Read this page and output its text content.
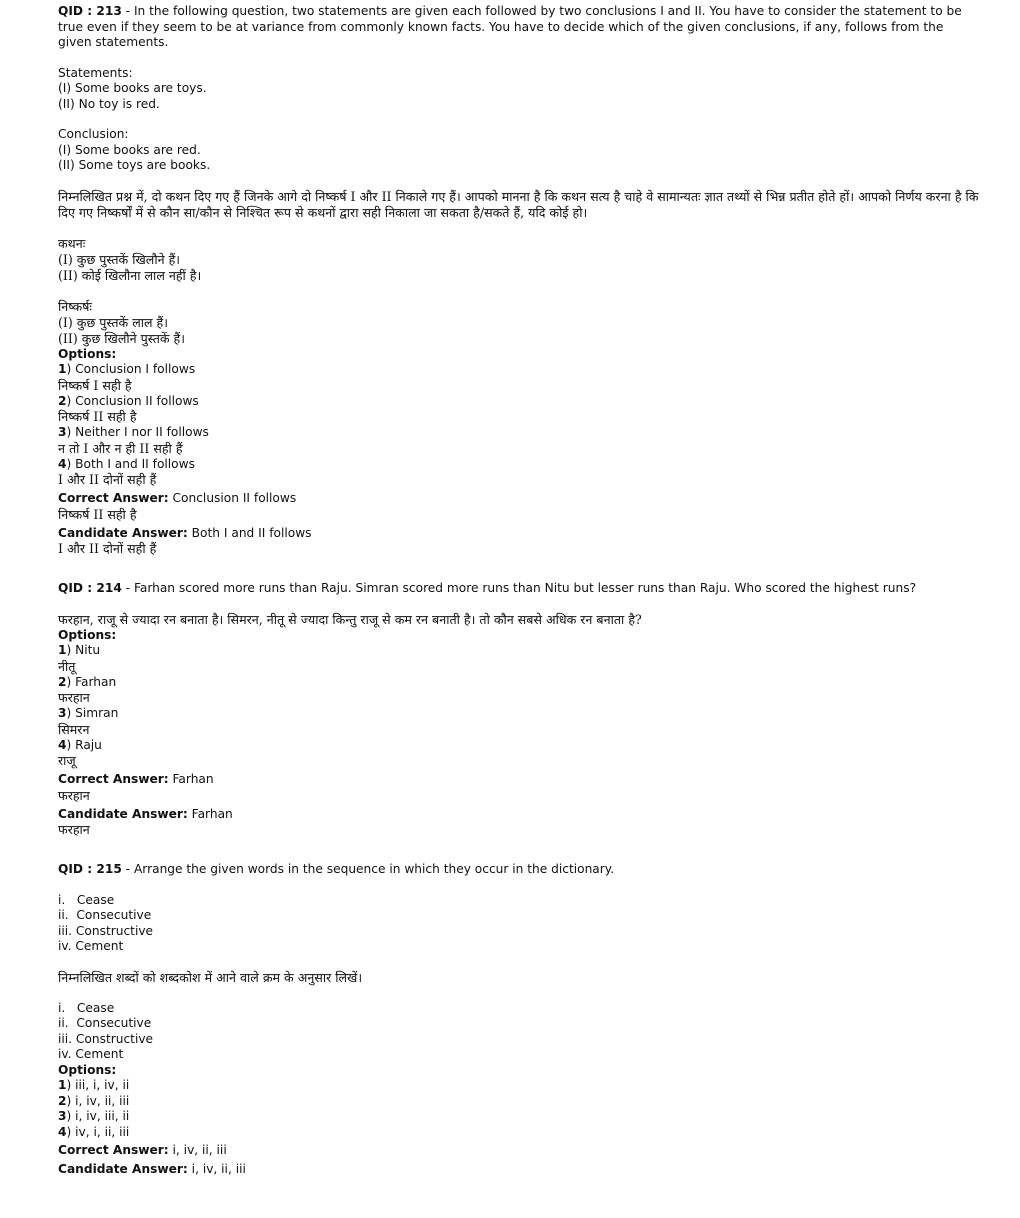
QID : 213 - In the following question, two statements are given each followed by two conclusions I and II. You have to consider the statement to be true even if they seem to be at variance from commonly known facts. You have to decide which of the given conclusions, if any, follows from the given statements.

Statements:
(I) Some books are toys.
(II) No toy is red.
Conclusion:
(I) Some books are red.
(II) Some toys are books.

निम्नलिखित प्रश्न में, दो कथन दिए गए हैं जिनके आगे दो निष्कर्ष I और II निकाले गए हैं। आपको मानना है कि कथन सत्य है चाहे वे सामान्यतः ज्ञात तथ्यों से भिन्न प्रतीत होते हों। आपको निर्णय करना है कि दिए गए निष्कर्षों में से कौन सा/कौन से निश्चित रूप से कथनों द्वारा सही निकाला जा सकता है/सकते हैं, यदि कोई हो।

कथनः
(I) कुछ पुस्तकें खिलौने हैं।
(II) कोई खिलौना लाल नहीं है।
निष्कर्षः
(I) कुछ पुस्तकें लाल हैं।
(II) कुछ खिलौने पुस्तकें हैं।
Options:
1) Conclusion I follows
निष्कर्ष I सही है
2) Conclusion II follows
निष्कर्ष II सही है
3) Neither I nor II follows
न तो I और न ही II सही हैं
4) Both I and II follows
I और II दोनों सही हैं
Correct Answer: Conclusion II follows
निष्कर्ष II सही है
Candidate Answer: Both I and II follows
I और II दोनों सही हैं

QID : 214 - Farhan scored more runs than Raju. Simran scored more runs than Nitu but lesser runs than Raju. Who scored the highest runs?

फरहान, राजू से ज्यादा रन बनाता है। सिमरन, नीतू से ज्यादा किन्तु राजू से कम रन बनाती है। तो कौन सबसे अधिक रन बनाता है?

Options:
1) Nitu
नीतू
2) Farhan
फरहान
3) Simran
सिमरन
4) Raju
राजू
Correct Answer: Farhan
फरहान
Candidate Answer: Farhan
फरहान

QID : 215 - Arrange the given words in the sequence in which they occur in the dictionary.

i.   Cease
ii.  Consecutive
iii. Constructive
iv. Cement

निम्नलिखित शब्दों को शब्दकोश में आने वाले क्रम के अनुसार लिखें।

i.   Cease
ii.  Consecutive
iii. Constructive
iv. Cement
Options:
1) iii, i, iv, ii
2) i, iv, ii, iii
3) i, iv, iii, ii
4) iv, i, ii, iii
Correct Answer: i, iv, ii, iii
Candidate Answer: i, iv, ii, iii
